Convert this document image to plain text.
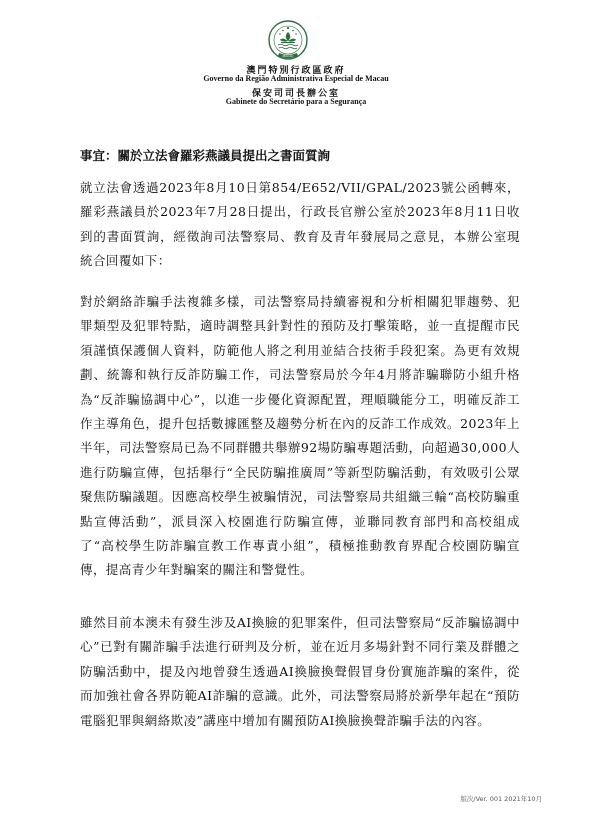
MACAU
澳門特別行政區政府
Governo da Região Administrativa Especial de Macau
保安司司長辦公室
Gabinete do Secretário para a Segurança
事宜：關於立法會羅彩燕議員提出之書面質詢

就立法會透過2023年8月10日第854/E652/VII/GPAL/2023號公函轉來，羅彩燕議員於2023年7月28日提出，行政長官辦公室於2023年8月11日收到的書面質詢，經徵詢司法警察局、教育及青年發展局之意見，本辦公室現統合回覆如下：

對於網絡詐騙手法複雜多樣，司法警察局持續審視和分析相關犯罪趨勢、犯罪類型及犯罪特點，適時調整具針對性的預防及打擊策略，並一直提醒市民須謹慎保護個人資料，防範他人將之利用並結合技術手段犯案。為更有效規劃、統籌和執行反詐防騙工作，司法警察局於今年4月將詐騙聯防小組升格為“反詐騙協調中心”，以進一步優化資源配置，理順職能分工，明確反詐工作主導角色，提升包括數據匯整及趨勢分析在內的反詐工作成效。2023年上半年，司法警察局已為不同群體共舉辦92場防騙專題活動，向超過30,000人進行防騙宣傳，包括舉行“全民防騙推廣周”等新型防騙活動，有效吸引公眾聚焦防騙議題。因應高校學生被騙情況，司法警察局共組織三輪“高校防騙重點宣傳活動”，派員深入校園進行防騙宣傳，並聯同教育部門和高校組成了“高校學生防詐騙宣教工作專責小組”，積極推動教育界配合校園防騙宣傳，提高青少年對騙案的關注和警覺性。

雖然目前本澳未有發生涉及AI換臉的犯罪案件，但司法警察局“反詐騙協調中心”已對有關詐騙手法進行研判及分析，並在近月多場針對不同行業及群體之防騙活動中，提及內地曾發生透過AI換臉換聲假冒身份實施詐騙的案件，從而加強社會各界防範AI詐騙的意識。此外，司法警察局將於新學年起在“預防電腦犯罪與網絡欺凌”講座中增加有關預防AI換臉換聲詐騙手法的內容。

版次/Ver. 001 2021年10月
